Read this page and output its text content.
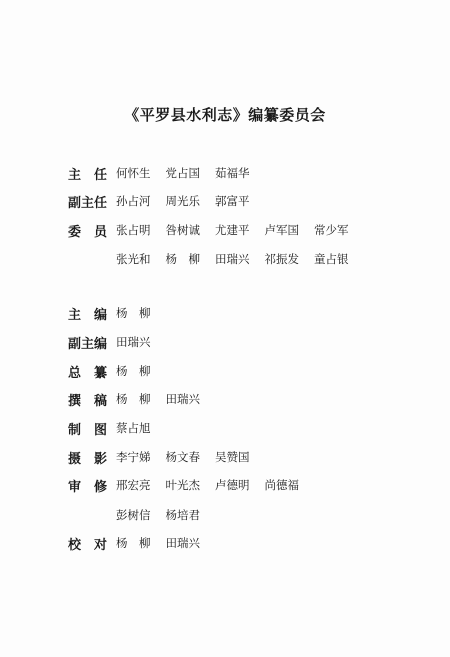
《平罗县水利志》编纂委员会
主　任 何怀生 党占国 茹福华
副主任 孙占河 周光乐 郭富平
委　员 张占明 咎树诚 尤建平 卢军国 常少军
张光和 杨　柳 田瑞兴 祁振发 童占银
主　编 杨　柳
副主编 田瑞兴
总　纂 杨　柳
撰　稿 杨　柳 田瑞兴
制　图 蔡占旭
摄　影 李宁娣 杨文春 吴赞国
审　修 邢宏亮 叶光杰 卢德明 尚德福
彭树信 杨培君
校　对 杨　柳 田瑞兴
